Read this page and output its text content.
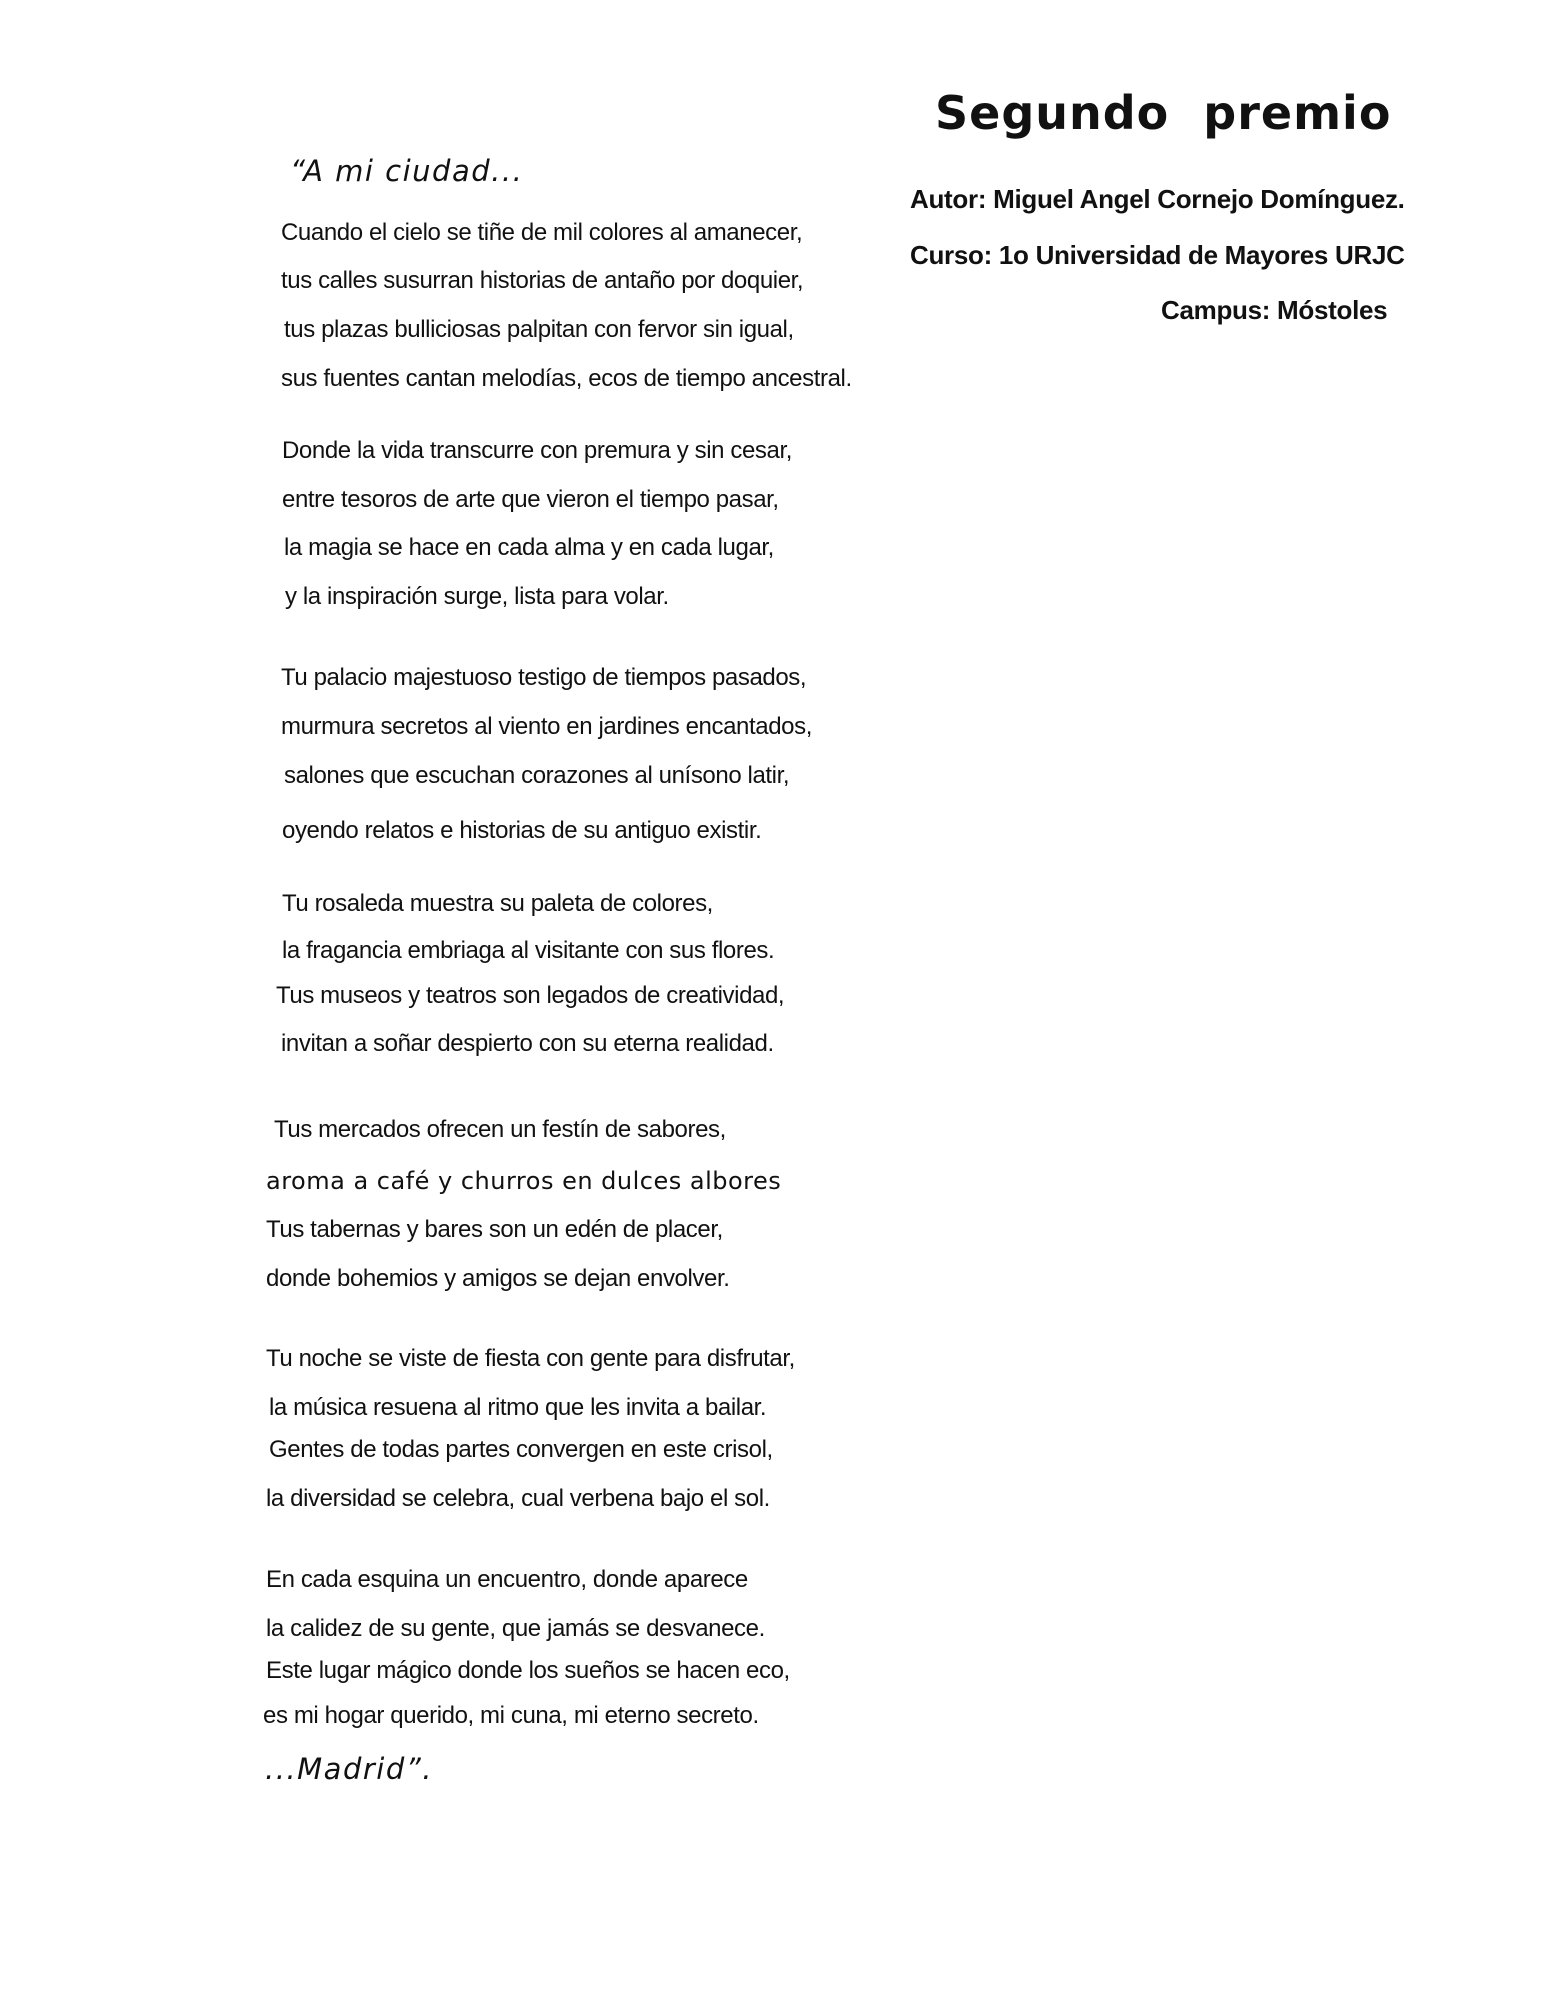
Segundo  premio
Autor: Miguel Angel Cornejo Domínguez.
Curso: 1o Universidad de Mayores URJC
Campus: Móstoles
“A mi ciudad...
Cuando el cielo se tiñe de mil colores al amanecer,
tus calles susurran historias de antaño por doquier,
tus plazas bulliciosas palpitan con fervor sin igual,
sus fuentes cantan melodías, ecos de tiempo ancestral.
Donde la vida transcurre con premura y sin cesar,
entre tesoros de arte que vieron el tiempo pasar,
la magia se hace en cada alma y en cada lugar,
y la inspiración surge, lista para volar.
Tu palacio majestuoso testigo de tiempos pasados,
murmura secretos al viento en jardines encantados,
salones que escuchan corazones al unísono latir,
oyendo relatos e historias de su antiguo existir.
Tu rosaleda muestra su paleta de colores,
la fragancia embriaga al visitante con sus flores.
Tus museos y teatros son legados de creatividad,
invitan a soñar despierto con su eterna realidad.
Tus mercados ofrecen un festín de sabores,
aroma a café y churros en dulces albores
Tus tabernas y bares son un edén de placer,
donde bohemios y amigos se dejan envolver.
Tu noche se viste de fiesta con gente para disfrutar,
la música resuena al ritmo que les invita a bailar.
Gentes de todas partes convergen en este crisol,
la diversidad se celebra, cual verbena bajo el sol.
En cada esquina un encuentro, donde aparece
la calidez de su gente, que jamás se desvanece.
Este lugar mágico donde los sueños se hacen eco,
es mi hogar querido, mi cuna, mi eterno secreto.
...Madrid”.
